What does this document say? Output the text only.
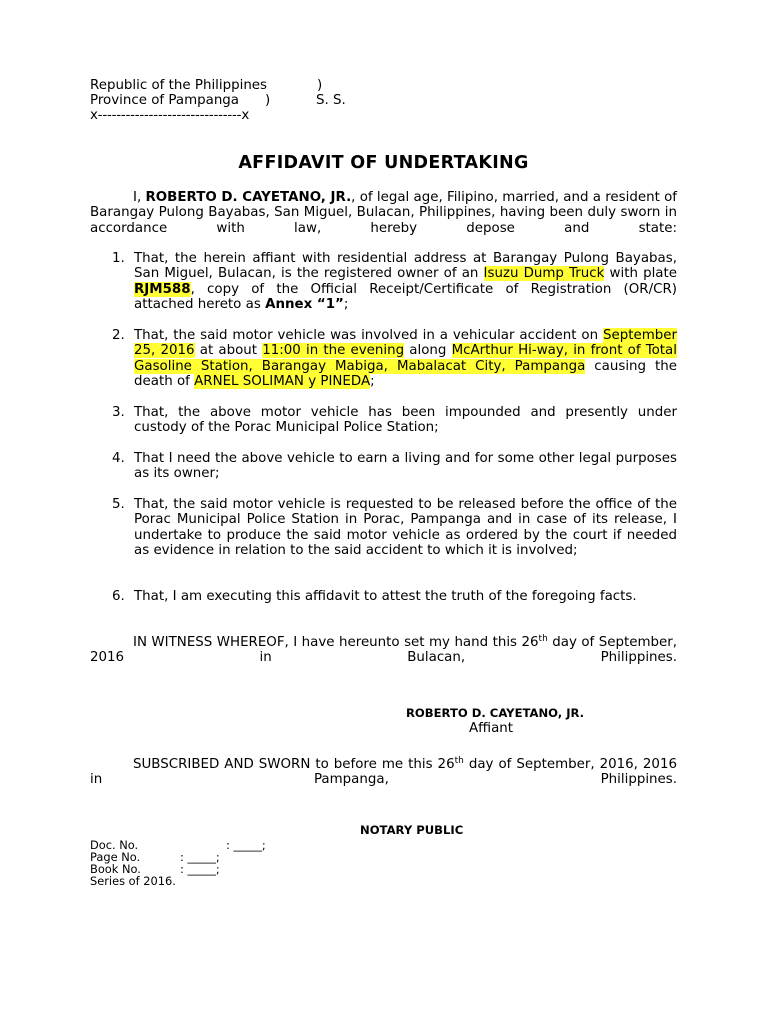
Republic of the Philippines	)
Province of Pampanga )	S. S.
x-------------------------------x
AFFIDAVIT OF UNDERTAKING
I, ROBERTO D. CAYETANO, JR., of legal age, Filipino, married, and a resident of Barangay Pulong Bayabas, San Miguel, Bulacan, Philippines, having been duly sworn in accordance with law, hereby depose and state:
1. That, the herein affiant with residential address at Barangay Pulong Bayabas, San Miguel, Bulacan, is the registered owner of an Isuzu Dump Truck with plate RJM588, copy of the Official Receipt/Certificate of Registration (OR/CR) attached hereto as Annex “1”;
2. That, the said motor vehicle was involved in a vehicular accident on September 25, 2016 at about 11:00 in the evening along McArthur Hi-way, in front of Total Gasoline Station, Barangay Mabiga, Mabalacat City, Pampanga causing the death of ARNEL SOLIMAN y PINEDA;
3. That, the above motor vehicle has been impounded and presently under custody of the Porac Municipal Police Station;
4. That I need the above vehicle to earn a living and for some other legal purposes as its owner;
5. That, the said motor vehicle is requested to be released before the office of the Porac Municipal Police Station in Porac, Pampanga and in case of its release, I undertake to produce the said motor vehicle as ordered by the court if needed as evidence in relation to the said accident to which it is involved;
6. That, I am executing this affidavit to attest the truth of the foregoing facts.
IN WITNESS WHEREOF, I have hereunto set my hand this 26th day of September, 2016 in Bulacan, Philippines.
ROBERTO D. CAYETANO, JR.
Affiant
SUBSCRIBED AND SWORN to before me this 26th day of September, 2016, 2016 in Pampanga, Philippines.
NOTARY PUBLIC
Doc. No.	: _____;
Page No.	: _____;
Book No.	: _____;
Series of 2016.
